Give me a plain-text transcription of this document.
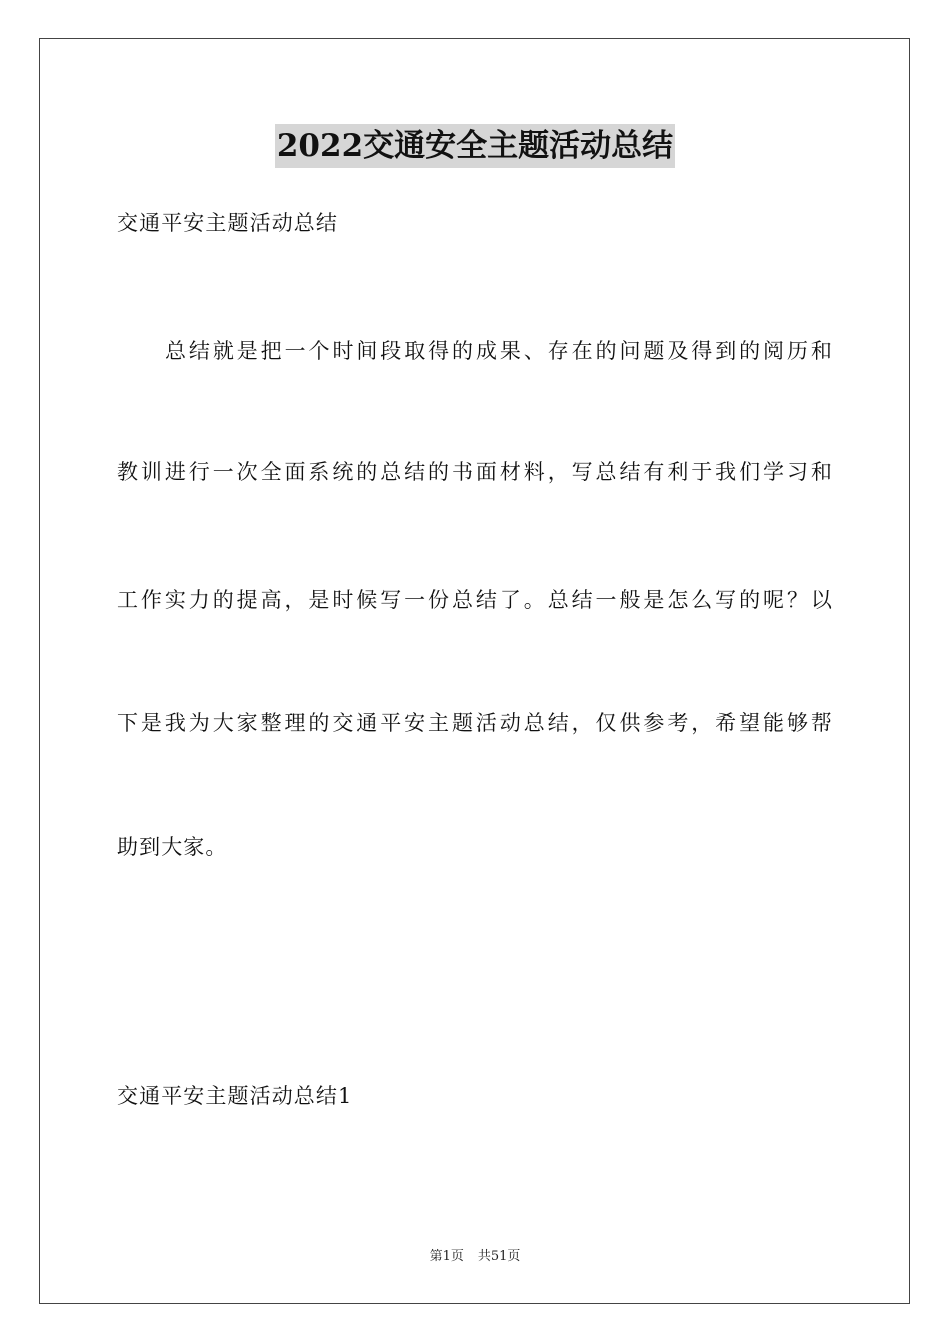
2022交通安全主题活动总结
交通平安主题活动总结
总结就是把一个时间段取得的成果、存在的问题及得到的阅历和
教训进行一次全面系统的总结的书面材料，写总结有利于我们学习和
工作实力的提高，是时候写一份总结了。总结一般是怎么写的呢？以
下是我为大家整理的交通平安主题活动总结，仅供参考，希望能够帮
助到大家。
交通平安主题活动总结1
第1页 共51页
